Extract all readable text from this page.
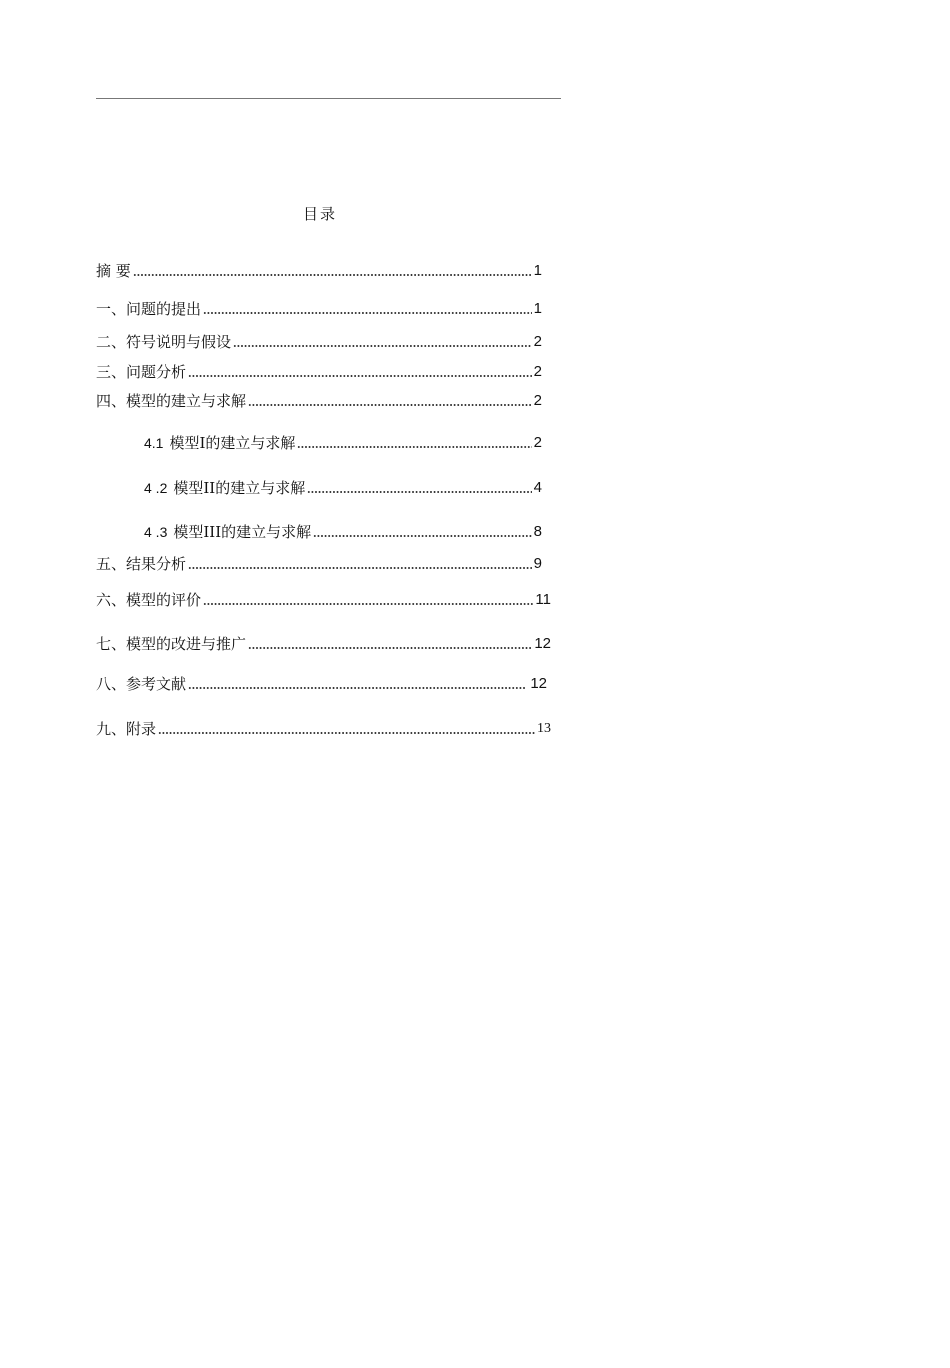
目录
摘 要	1
一、问题的提出	1
二、符号说明与假设	2
三、问题分析	2
四、模型的建立与求解	2
4.1 模型I的建立与求解	2
4 .2 模型II的建立与求解	4
4 .3 模型III的建立与求解	8
五、结果分析	9
六、模型的评价	11
七、模型的改进与推广	12
八、参考文献	12
九、附录	13
